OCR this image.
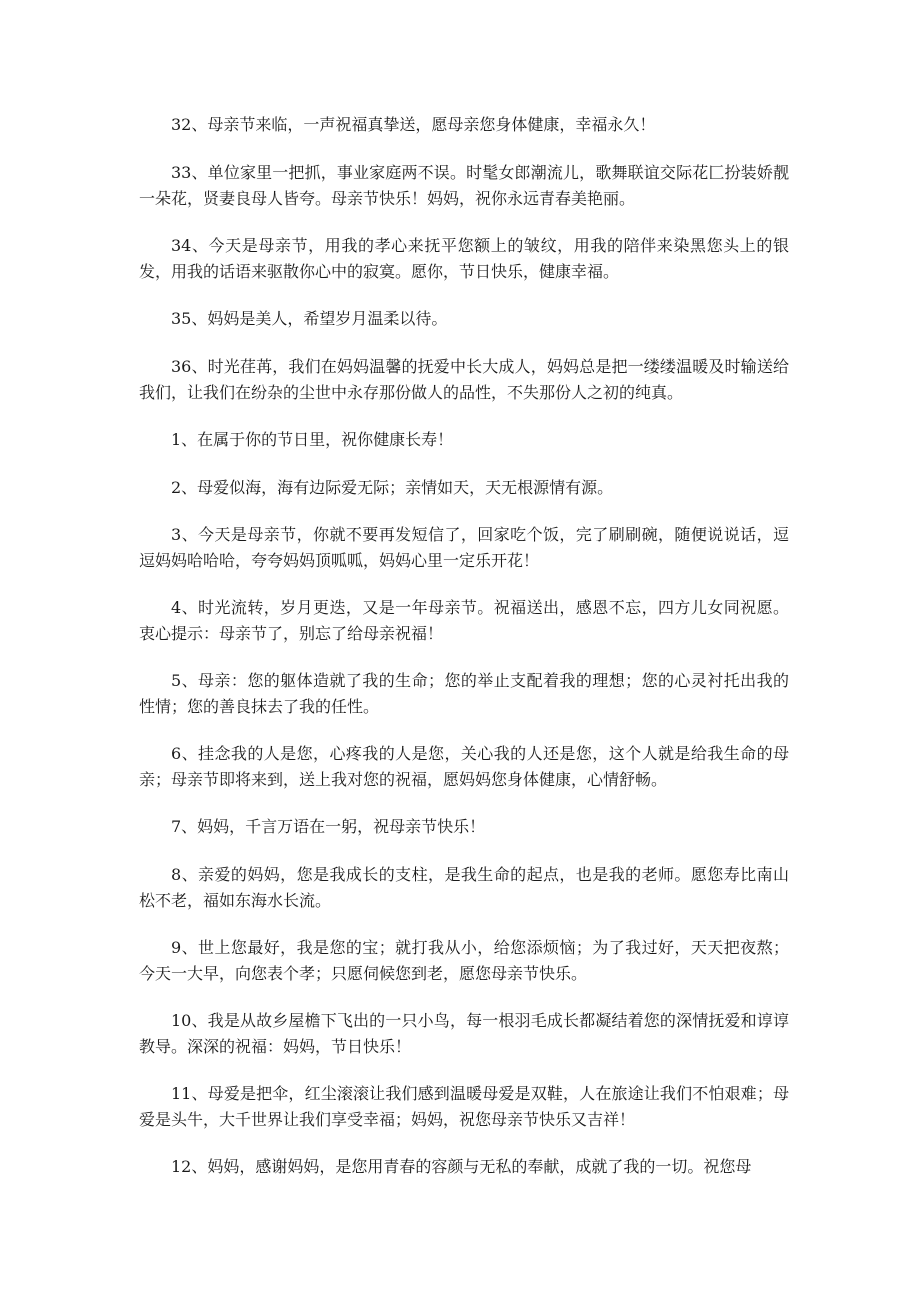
32、母亲节来临，一声祝福真挚送，愿母亲您身体健康，幸福永久！

33、单位家里一把抓，事业家庭两不误。时髦女郎潮流儿，歌舞联谊交际花匚扮装娇靓一朵花，贤妻良母人皆夸。母亲节快乐！妈妈，祝你永远青春美艳丽。

34、今天是母亲节，用我的孝心来抚平您额上的皱纹，用我的陪伴来染黑您头上的银发，用我的话语来驱散你心中的寂寞。愿你，节日快乐，健康幸福。

35、妈妈是美人，希望岁月温柔以待。

36、时光荏苒，我们在妈妈温馨的抚爱中长大成人，妈妈总是把一缕缕温暖及时输送给我们，让我们在纷杂的尘世中永存那份做人的品性，不失那份人之初的纯真。

1、在属于你的节日里，祝你健康长寿！

2、母爱似海，海有边际爱无际；亲情如天，天无根源情有源。

3、今天是母亲节，你就不要再发短信了，回家吃个饭，完了刷刷碗，随便说说话，逗逗妈妈哈哈哈，夸夸妈妈顶呱呱，妈妈心里一定乐开花！

4、时光流转，岁月更迭，又是一年母亲节。祝福送出，感恩不忘，四方儿女同祝愿。衷心提示：母亲节了，别忘了给母亲祝福！

5、母亲：您的躯体造就了我的生命；您的举止支配着我的理想；您的心灵衬托出我的性情；您的善良抹去了我的任性。

6、挂念我的人是您，心疼我的人是您，关心我的人还是您，这个人就是给我生命的母亲；母亲节即将来到，送上我对您的祝福，愿妈妈您身体健康，心情舒畅。

7、妈妈，千言万语在一躬，祝母亲节快乐！

8、亲爱的妈妈，您是我成长的支柱，是我生命的起点，也是我的老师。愿您寿比南山松不老，福如东海水长流。

9、世上您最好，我是您的宝；就打我从小，给您添烦恼；为了我过好，天天把夜熬；今天一大早，向您表个孝；只愿伺候您到老，愿您母亲节快乐。

10、我是从故乡屋檐下飞出的一只小鸟，每一根羽毛成长都凝结着您的深情抚爱和谆谆教导。深深的祝福：妈妈，节日快乐！

11、母爱是把伞，红尘滚滚让我们感到温暖母爱是双鞋，人在旅途让我们不怕艰难；母爱是头牛，大千世界让我们享受幸福；妈妈，祝您母亲节快乐又吉祥！

12、妈妈，感谢妈妈，是您用青春的容颜与无私的奉献，成就了我的一切。祝您母
